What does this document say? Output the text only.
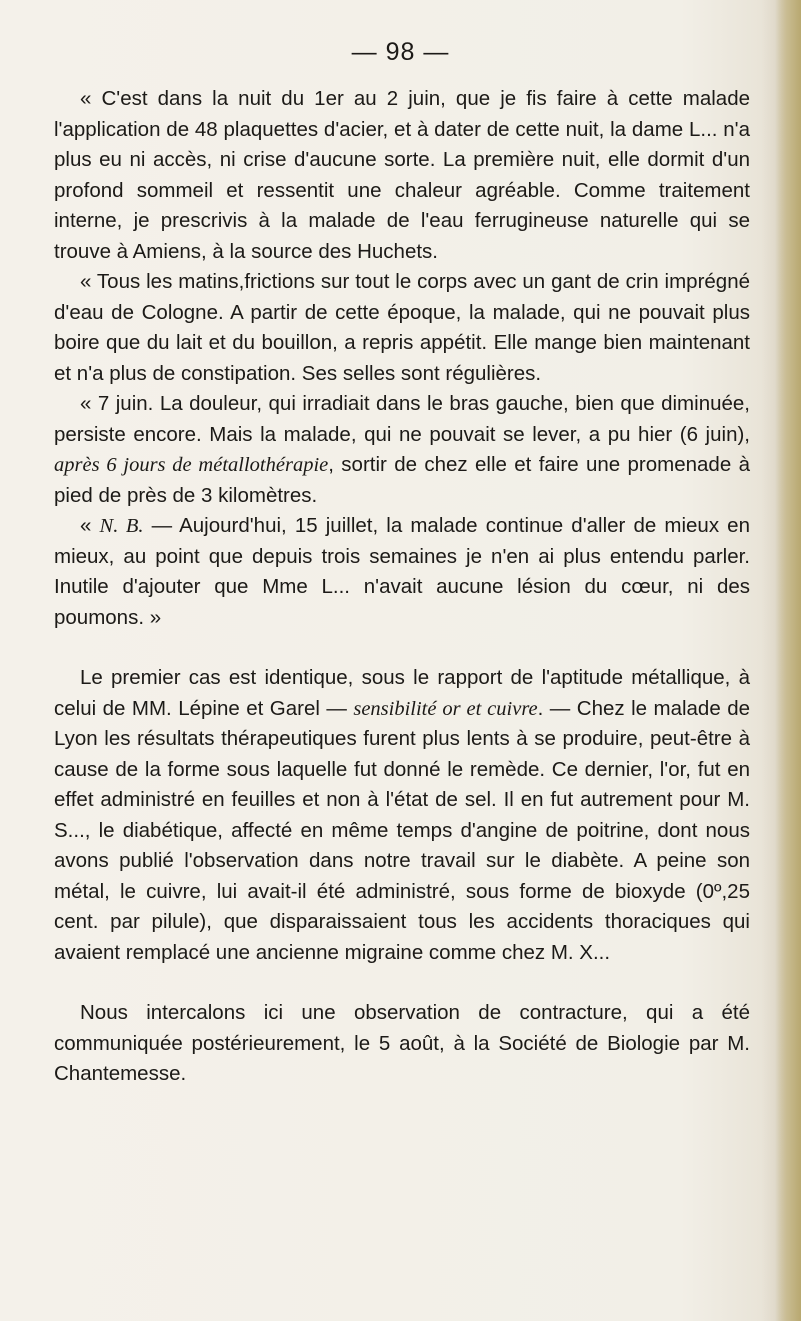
— 98 —

« C'est dans la nuit du 1er au 2 juin, que je fis faire à cette malade l'application de 48 plaquettes d'acier, et à dater de cette nuit, la dame L... n'a plus eu ni accès, ni crise d'aucune sorte. La première nuit, elle dormit d'un profond sommeil et ressentit une chaleur agréable. Comme traitement interne, je prescrivis à la malade de l'eau ferrugineuse naturelle qui se trouve à Amiens, à la source des Huchets.

« Tous les matins,frictions sur tout le corps avec un gant de crin imprégné d'eau de Cologne. A partir de cette époque, la malade, qui ne pouvait plus boire que du lait et du bouillon, a repris appétit. Elle mange bien maintenant et n'a plus de constipation. Ses selles sont régulières.

« 7 juin. La douleur, qui irradiait dans le bras gauche, bien que diminuée, persiste encore. Mais la malade, qui ne pouvait se lever, a pu hier (6 juin), après 6 jours de métallothérapie, sortir de chez elle et faire une promenade à pied de près de 3 kilomètres.

« N. B. — Aujourd'hui, 15 juillet, la malade continue d'aller de mieux en mieux, au point que depuis trois semaines je n'en ai plus entendu parler. Inutile d'ajouter que Mme L... n'avait aucune lésion du cœur, ni des poumons. »

Le premier cas est identique, sous le rapport de l'aptitude métallique, à celui de MM. Lépine et Garel — sensibilité or et cuivre. — Chez le malade de Lyon les résultats thérapeutiques furent plus lents à se produire, peut-être à cause de la forme sous laquelle fut donné le remède. Ce dernier, l'or, fut en effet administré en feuilles et non à l'état de sel. Il en fut autrement pour M. S..., le diabétique, affecté en même temps d'angine de poitrine, dont nous avons publié l'observation dans notre travail sur le diabète. A peine son métal, le cuivre, lui avait-il été administré, sous forme de bioxyde (0º,25 cent. par pilule), que disparaissaient tous les accidents thoraciques qui avaient remplacé une ancienne migraine comme chez M. X...

Nous intercalons ici une observation de contracture, qui a été communiquée postérieurement, le 5 août, à la Société de Biologie par M. Chantemesse.
